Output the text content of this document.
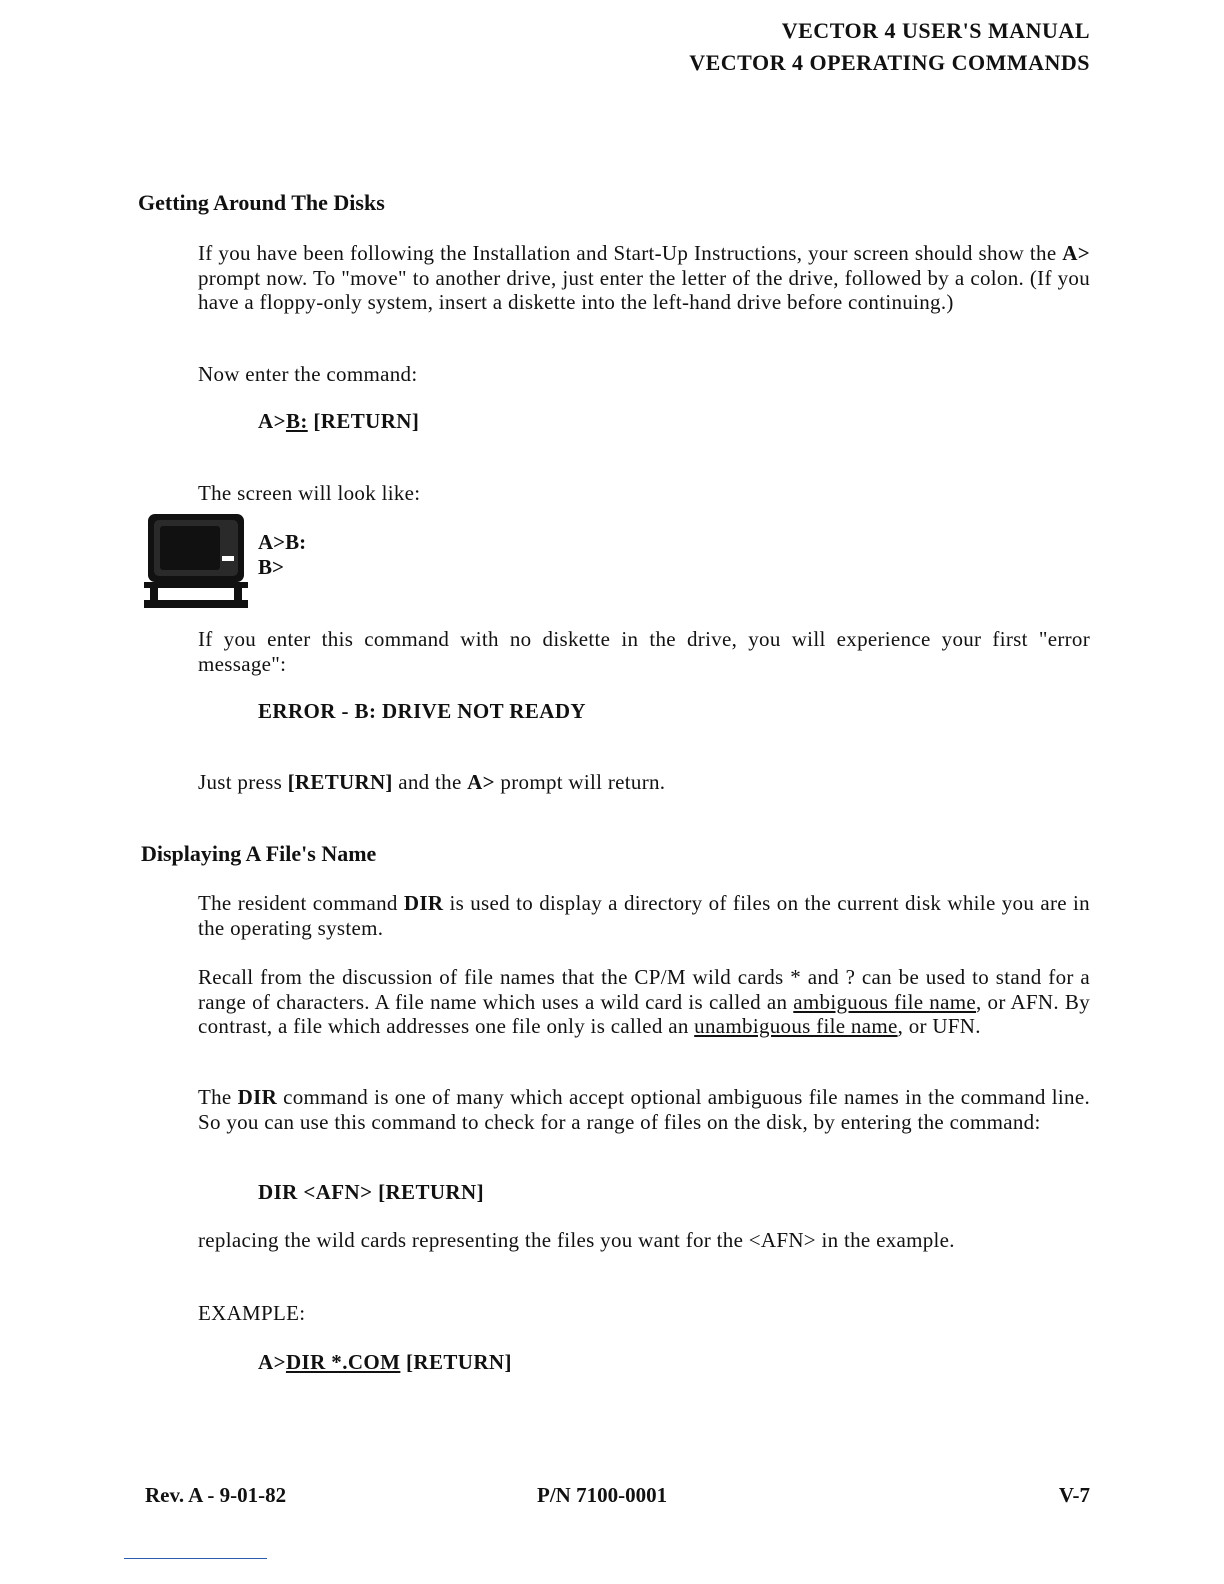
VECTOR 4 USER'S MANUAL
VECTOR 4 OPERATING COMMANDS
Getting Around The Disks
If you have been following the Installation and Start-Up Instructions, your screen should show the A> prompt now. To "move" to another drive, just enter the letter of the drive, followed by a colon. (If you have a floppy-only system, insert a diskette into the left-hand drive before continuing.)
Now enter the command:
A>B: [RETURN]
The screen will look like:
A>B:
B>
If you enter this command with no diskette in the drive, you will experience your first "error message":
ERROR - B: DRIVE NOT READY
Just press [RETURN] and the A> prompt will return.
Displaying A File's Name
The resident command DIR is used to display a directory of files on the current disk while you are in the operating system.
Recall from the discussion of file names that the CP/M wild cards * and ? can be used to stand for a range of characters. A file name which uses a wild card is called an ambiguous file name, or AFN. By contrast, a file which addresses one file only is called an unambiguous file name, or UFN.
The DIR command is one of many which accept optional ambiguous file names in the command line. So you can use this command to check for a range of files on the disk, by entering the command:
DIR <AFN> [RETURN]
replacing the wild cards representing the files you want for the <AFN> in the example.
EXAMPLE:
A>DIR *.COM [RETURN]
Rev. A - 9-01-82	P/N 7100-0001	V-7
